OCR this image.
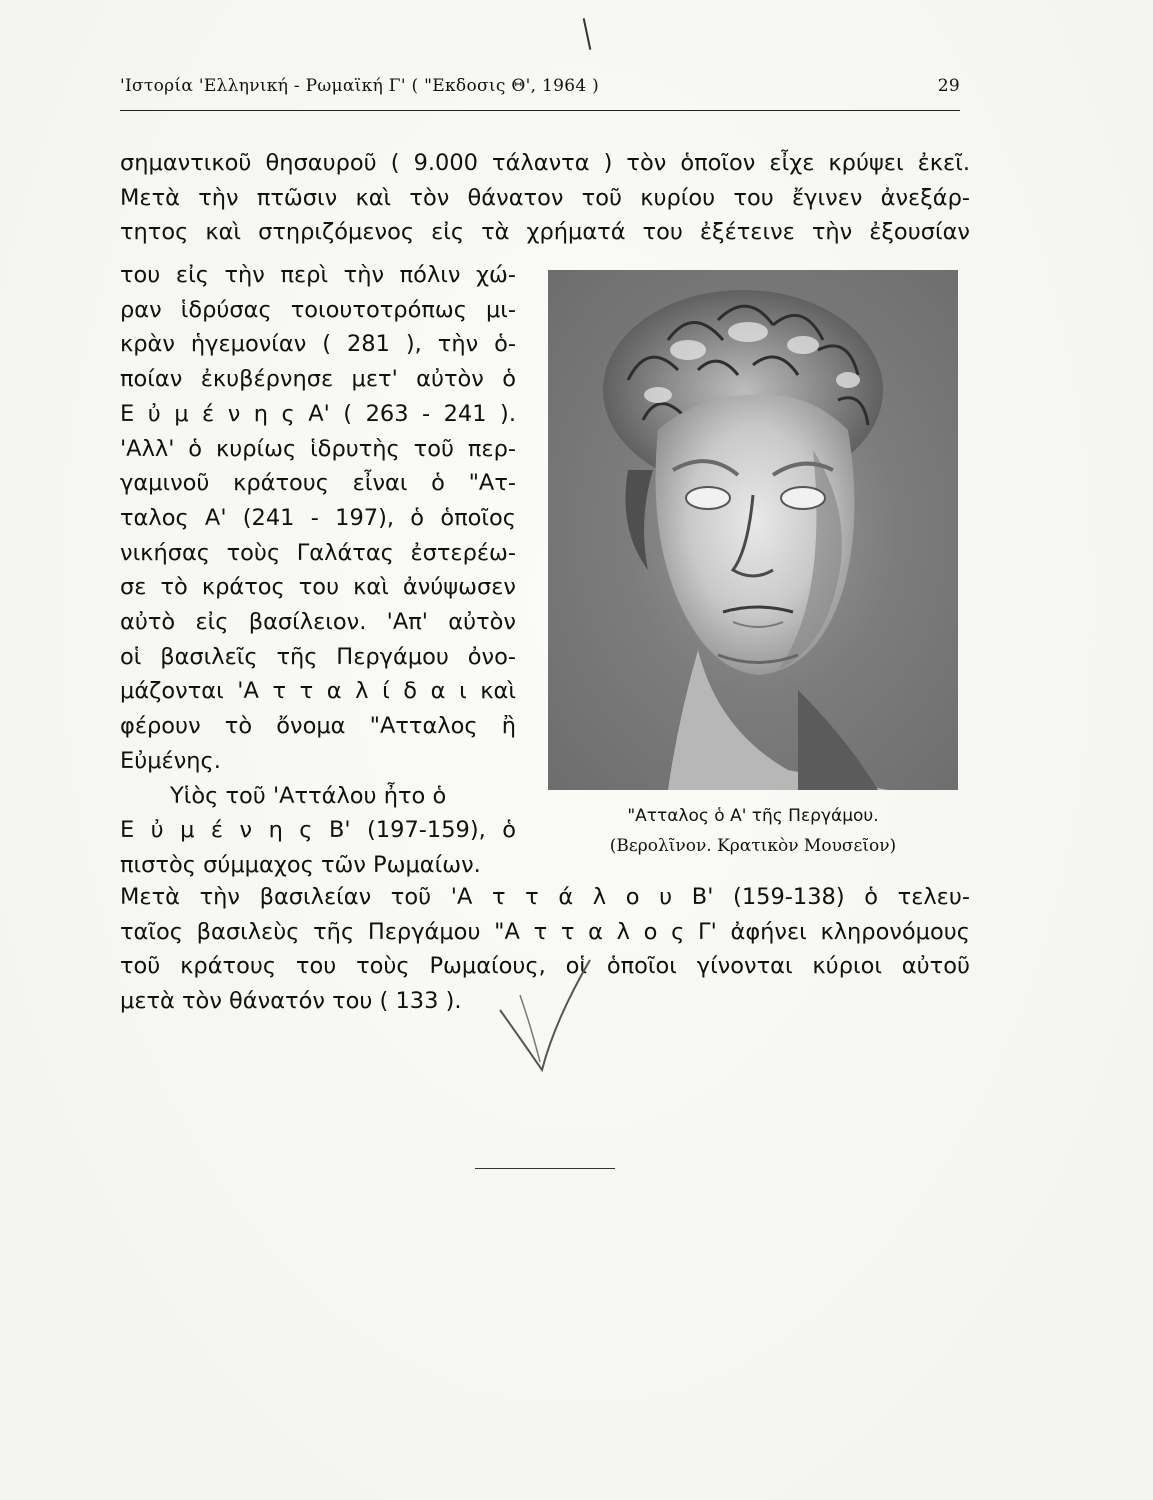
'Ιστορία 'Ελληνική - Ρωμαϊκή Γ' ( "Εκδοσις Θ', 1964 )	29
σημαντικοῦ θησαυροῦ ( 9.000 τάλαντα ) τὸν ὁποῖον εἶχε κρύψει ἐκεῖ.
Μετὰ τὴν πτῶσιν καὶ τὸν θάνατον τοῦ κυρίου του ἔγινεν ἀνεξάρ-
τητος καὶ στηριζόμενος εἰς τὰ χρήματά του ἐξέτεινε τὴν ἐξουσίαν
του εἰς τὴν περὶ τὴν πόλιν χώ-
ραν ἱδρύσας τοιουτοτρόπως μι-
κρὰν ἡγεμονίαν ( 281 ), τὴν ὁ-
ποίαν ἐκυβέρνησε μετ' αὐτὸν ὁ
Ε ὐ μ έ ν η ς Α' ( 263 - 241 ).
'Αλλ' ὁ κυρίως ἱδρυτὴς τοῦ περ-
γαμινοῦ κράτους εἶναι ὁ "Ατ-
ταλος Α' (241 - 197), ὁ ὁποῖος
νικήσας τοὺς Γαλάτας ἐστερέω-
σε τὸ κράτος του καὶ ἀνύψωσεν
αὐτὸ εἰς βασίλειον. 'Απ' αὐτὸν
οἱ βασιλεῖς τῆς Περγάμου ὀνο-
μάζονται 'Α τ τ α λ ί δ α ι καὶ
φέρουν τὸ ὄνομα "Ατταλος ἢ
Εὐμένης.
Υἱὸς τοῦ 'Αττάλου ἦτο ὁ
Ε ὐ μ έ ν η ς Β' (197-159), ὁ
πιστὸς σύμμαχος τῶν Ρωμαίων.
"Ατταλος ὁ Α' τῆς Περγάμου.
(Βερολῖνον. Κρατικὸν Μουσεῖον)
Μετὰ τὴν βασιλείαν τοῦ 'Α τ τ ά λ ο υ Β' (159-138) ὁ τελευ-
ταῖος βασιλεὺς τῆς Περγάμου "Α τ τ α λ ο ς Γ' ἀφήνει κληρονόμους
τοῦ κράτους του τοὺς Ρωμαίους, οἱ ὁποῖοι γίνονται κύριοι αὐτοῦ
μετὰ τὸν θάνατόν του ( 133 ).
